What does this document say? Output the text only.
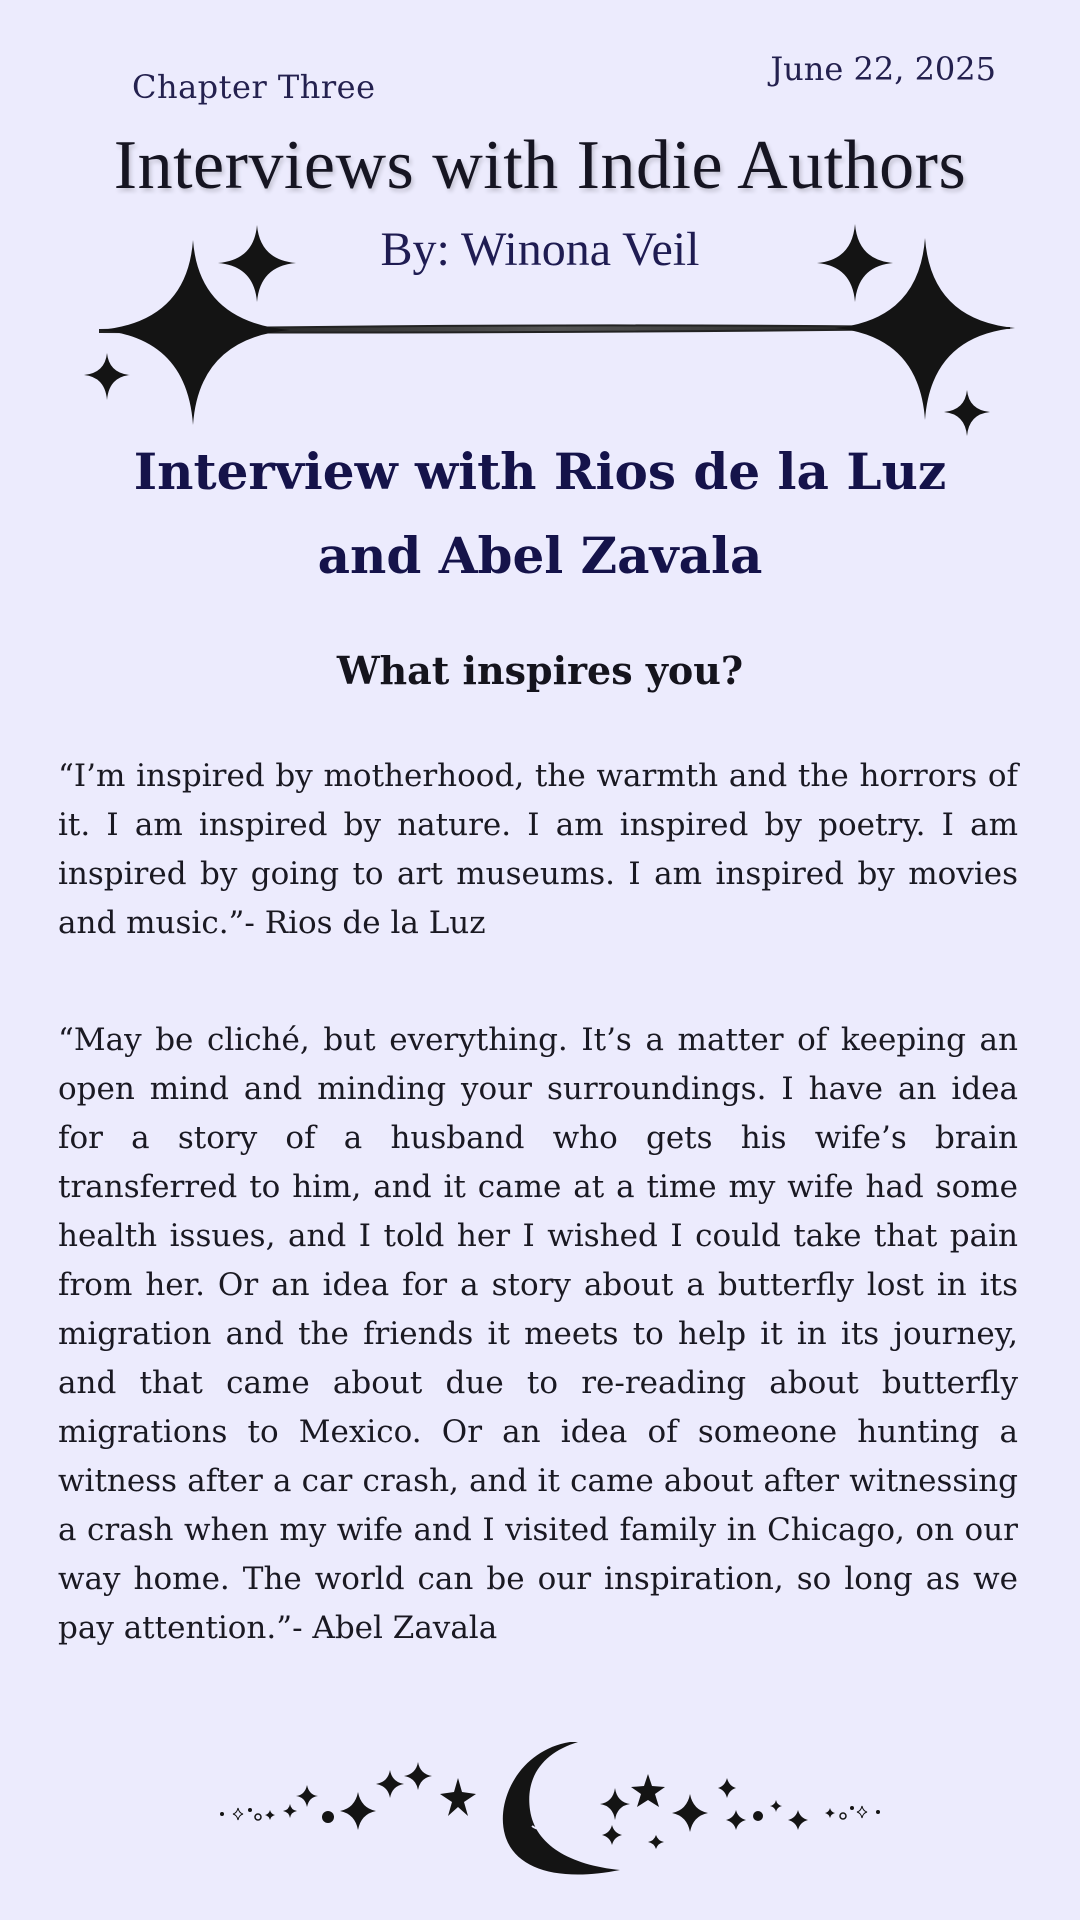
Chapter Three	June 22, 2025
Interviews with Indie Authors
By: Winona Veil
Interview with Rios de la Luz and Abel Zavala
What inspires you?
“I’m inspired by motherhood, the warmth and the horrors of it. I am inspired by nature. I am inspired by poetry. I am inspired by going to art museums. I am inspired by movies and music.”- Rios de la Luz
“May be cliché, but everything. It’s a matter of keeping an open mind and minding your surroundings. I have an idea for a story of a husband who gets his wife’s brain transferred to him, and it came at a time my wife had some health issues, and I told her I wished I could take that pain from her. Or an idea for a story about a butterfly lost in its migration and the friends it meets to help it in its journey, and that came about due to re-reading about butterfly migrations to Mexico. Or an idea of someone hunting a witness after a car crash, and it came about after witnessing a crash when my wife and I visited family in Chicago, on our way home. The world can be our inspiration, so long as we pay attention.”- Abel Zavala
